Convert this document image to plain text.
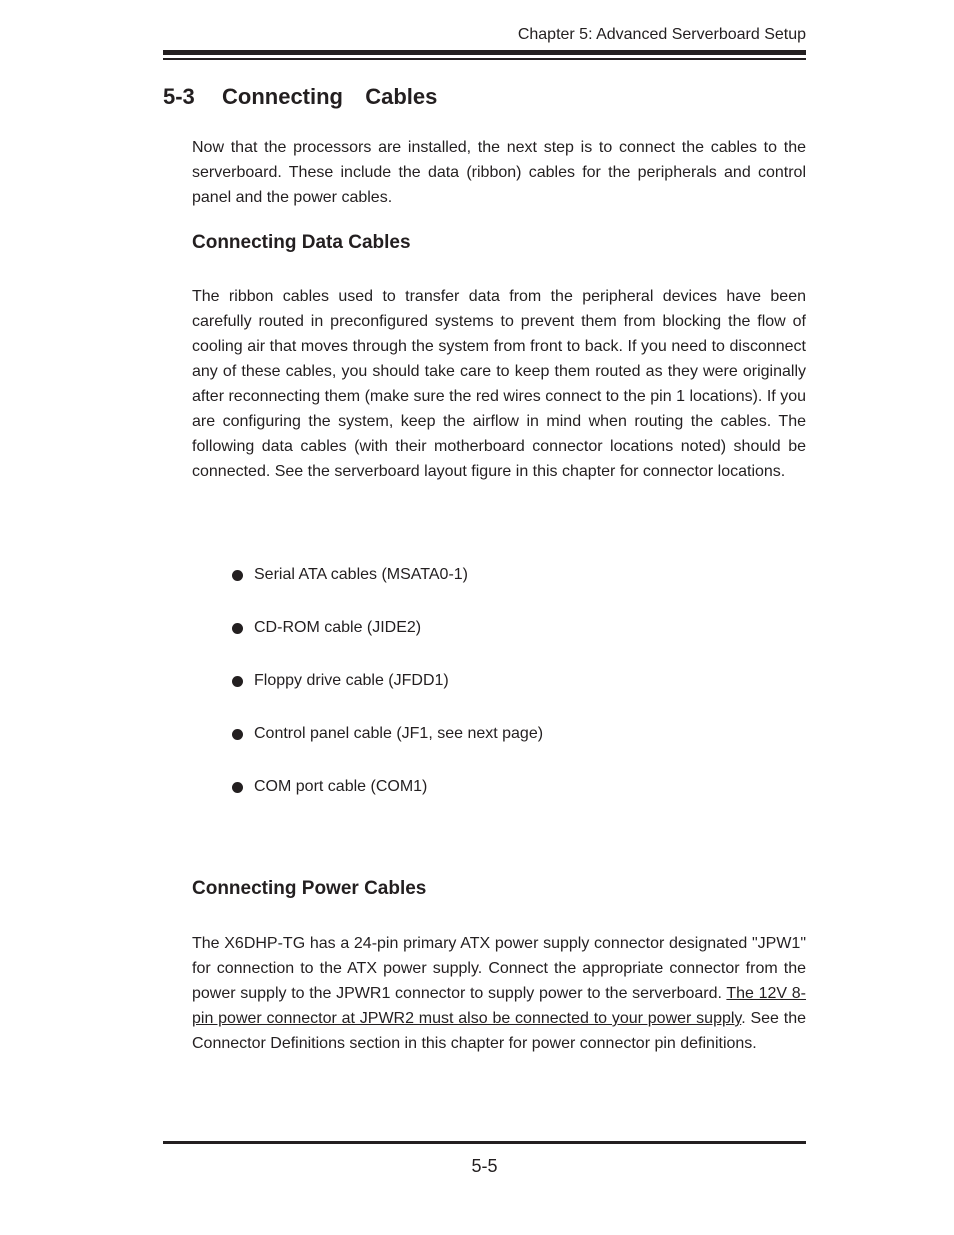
Chapter 5: Advanced Serverboard Setup
5-3 Connecting  Cables

Now that the processors are installed, the next step is to connect the cables to the serverboard. These include the data (ribbon) cables for the peripherals and control panel and the power cables.

Connecting Data Cables

The ribbon cables used to transfer data from the peripheral devices have been carefully routed in preconfigured systems to prevent them from blocking the flow of cooling air that moves through the system from front to back. If you need to disconnect any of these cables, you should take care to keep them routed as they were originally after reconnecting them (make sure the red wires connect to the pin 1 locations). If you are configuring the system, keep the airflow in mind when routing the cables. The following data cables (with their motherboard connector locations noted) should be connected. See the serverboard layout figure in this chapter for connector locations.

Serial ATA cables (MSATA0-1)
CD-ROM cable (JIDE2)
Floppy drive cable (JFDD1)
Control panel cable (JF1, see next page)
COM port cable (COM1)
Connecting Power Cables

The X6DHP-TG has a 24-pin primary ATX power supply connector designated "JPW1" for connection to the ATX power supply. Connect the appropriate connector from the power supply to the JPWR1 connector to supply power to the serverboard. The 12V 8-pin power connector at JPWR2 must also be connected to your power supply. See the Connector Definitions section in this chapter for power connector pin definitions.

5-5
